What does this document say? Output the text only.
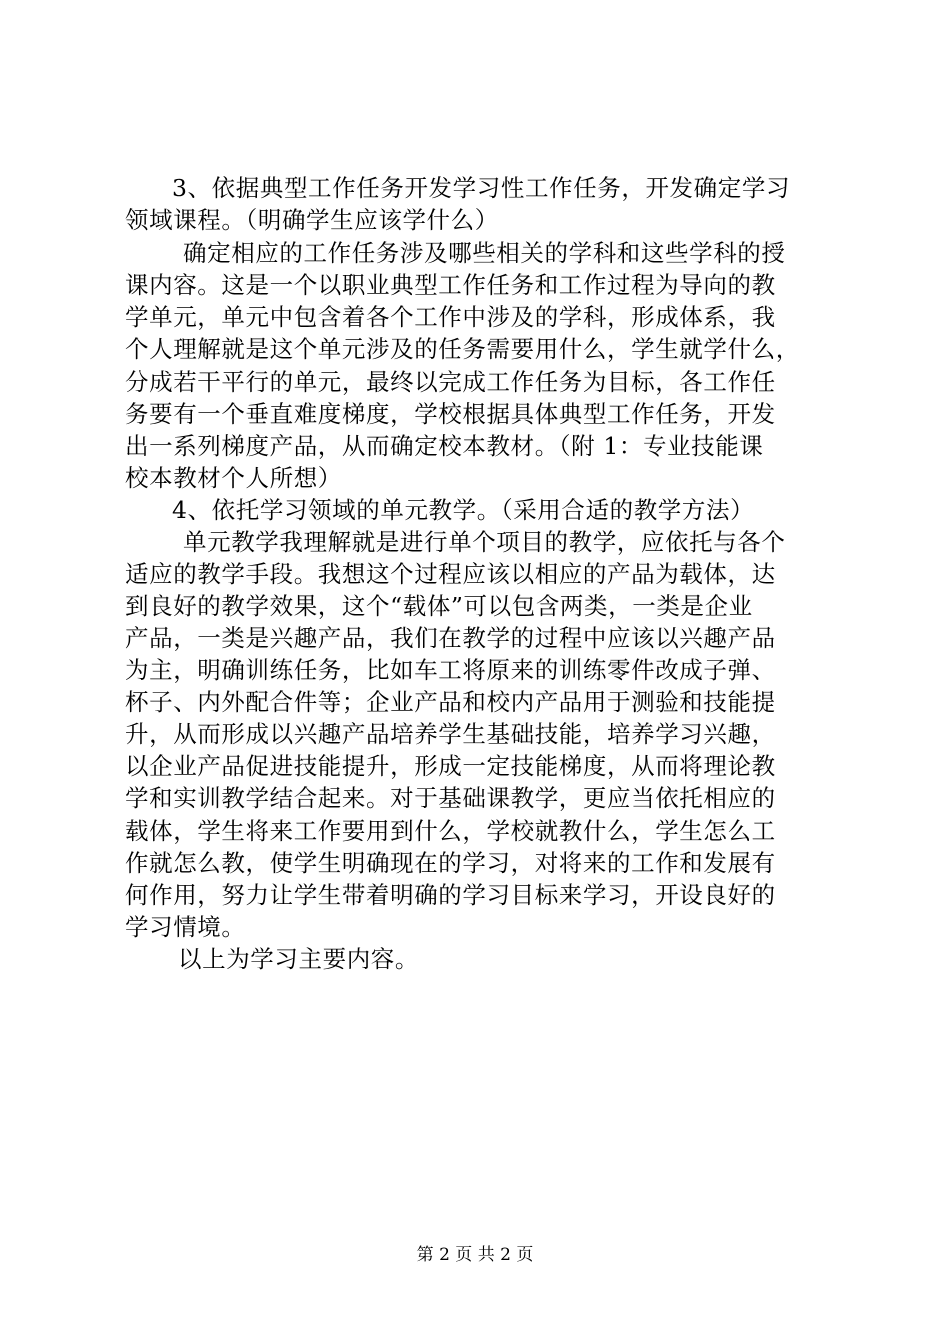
3、依据典型工作任务开发学习性工作任务，开发确定学习
领域课程。（明确学生应该学什么）
确定相应的工作任务涉及哪些相关的学科和这些学科的授
课内容。这是一个以职业典型工作任务和工作过程为导向的教
学单元，单元中包含着各个工作中涉及的学科，形成体系，我
个人理解就是这个单元涉及的任务需要用什么，学生就学什么，
分成若干平行的单元，最终以完成工作任务为目标，各工作任
务要有一个垂直难度梯度，学校根据具体典型工作任务，开发
出一系列梯度产品，从而确定校本教材。（附 1：专业技能课
校本教材个人所想）
4、依托学习领域的单元教学。（采用合适的教学方法）
单元教学我理解就是进行单个项目的教学，应依托与各个
适应的教学手段。我想这个过程应该以相应的产品为载体，达
到良好的教学效果，这个“载体”可以包含两类，一类是企业
产品，一类是兴趣产品，我们在教学的过程中应该以兴趣产品
为主，明确训练任务，比如车工将原来的训练零件改成子弹、
杯子、内外配合件等；企业产品和校内产品用于测验和技能提
升，从而形成以兴趣产品培养学生基础技能，培养学习兴趣，
以企业产品促进技能提升，形成一定技能梯度，从而将理论教
学和实训教学结合起来。对于基础课教学，更应当依托相应的
载体，学生将来工作要用到什么，学校就教什么，学生怎么工
作就怎么教，使学生明确现在的学习，对将来的工作和发展有
何作用，努力让学生带着明确的学习目标来学习，开设良好的
学习情境。
以上为学习主要内容。
第 2 页 共 2 页
